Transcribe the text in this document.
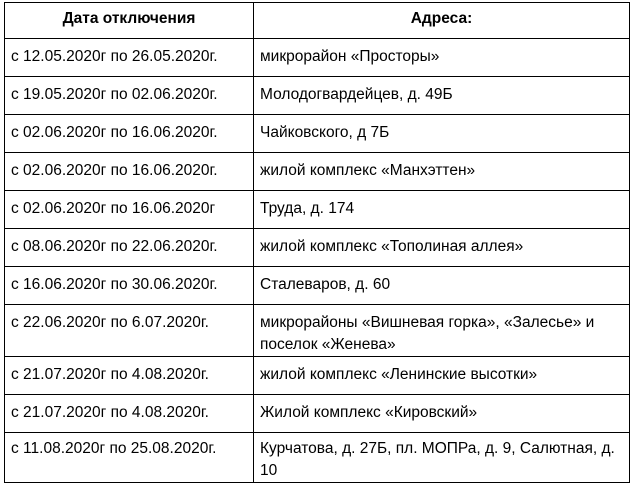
Дата отключения	Адреса:
с 12.05.2020г по 26.05.2020г.	микрорайон «Просторы»
с 19.05.2020г по 02.06.2020г.	Молодогвардейцев, д. 49Б
с 02.06.2020г по 16.06.2020г.	Чайковского, д 7Б
с 02.06.2020г по 16.06.2020г.	жилой комплекс «Манхэттен»
с 02.06.2020г по 16.06.2020г	Труда, д. 174
с 08.06.2020г по 22.06.2020г.	жилой комплекс «Тополиная аллея»
с 16.06.2020г по 30.06.2020г.	Сталеваров, д. 60
с 22.06.2020г по 6.07.2020г.	микрорайоны «Вишневая горка», «Залесье» и поселок «Женева»
с 21.07.2020г по 4.08.2020г.	жилой комплекс «Ленинские высотки»
с 21.07.2020г по 4.08.2020г.	Жилой комплекс «Кировский»
с 11.08.2020г по 25.08.2020г.	Курчатова, д. 27Б, пл. МОПРа, д. 9, Салютная, д. 10
